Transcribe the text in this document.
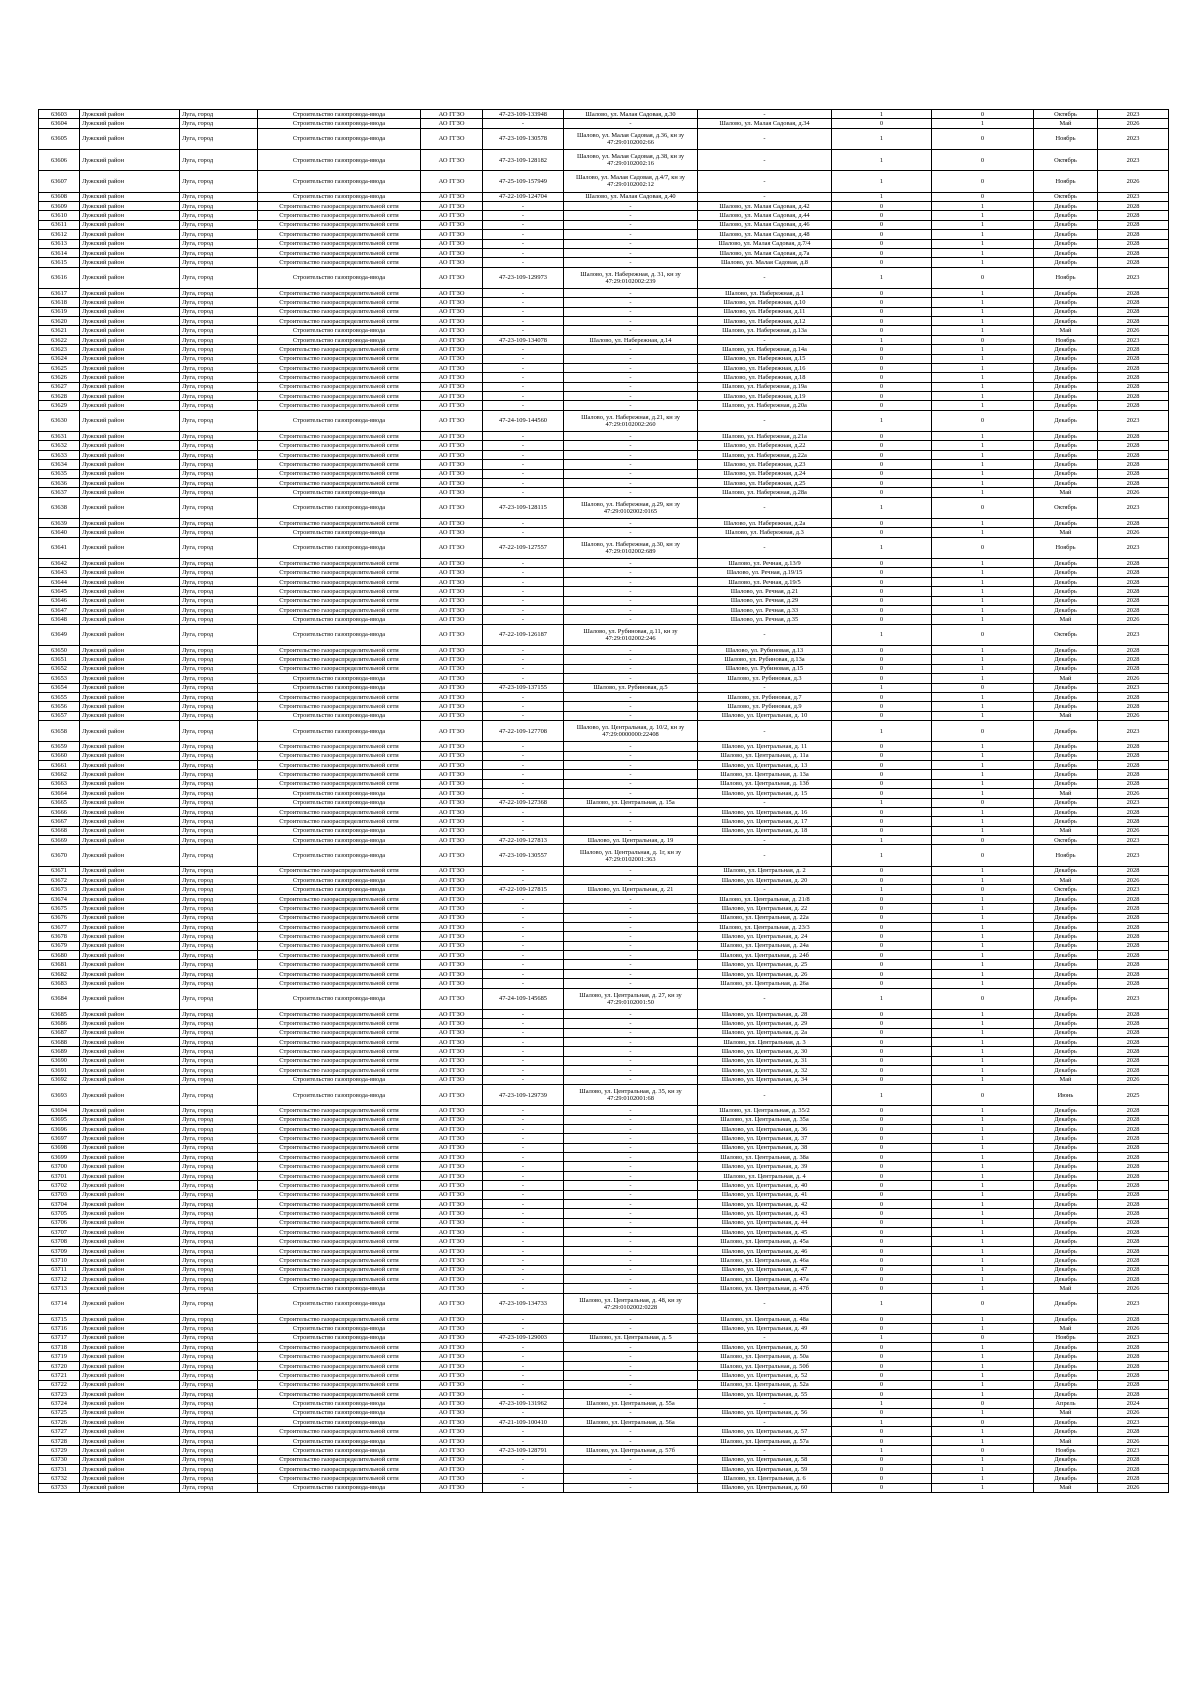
63603	Лужский район	Луга, город	Строительство газопровода-ввода	АО ГГЗО	47-23-109-133948	Шалово, ул. Малая Садовая, д.30	-	1	0	Октябрь	2023
63604	Лужский район	Луга, город	Строительство газопровода-ввода	АО ГГЗО	-	-	Шалово, ул. Малая Садовая, д.34	0	1	Май	2026
63605	Лужский район	Луга, город	Строительство газопровода-ввода	АО ГГЗО	47-23-109-130578	Шалово, ул. Малая Садовая, д.36, кн зу 47:29:0102002:66	-	1	0	Ноябрь	2023
63606	Лужский район	Луга, город	Строительство газопровода-ввода	АО ГГЗО	47-23-109-128182	Шалово, ул. Малая Садовая, д.38, кн зу 47:29:0102002:16	-	1	0	Октябрь	2023
63607	Лужский район	Луга, город	Строительство газопровода-ввода	АО ГГЗО	47-25-109-157949	Шалово, ул. Малая Садовая, д.4/7, кн зу 47:29:0102002:12	-	1	0	Ноябрь	2026
63608	Лужский район	Луга, город	Строительство газопровода-ввода	АО ГГЗО	47-22-109-124704	Шалово, ул. Малая Садовая, д.40	-	1	0	Октябрь	2023
63609	Лужский район	Луга, город	Строительство газораспределительной сети	АО ГГЗО	-	-	Шалово, ул. Малая Садовая, д.42	0	1	Декабрь	2028
63610	Лужский район	Луга, город	Строительство газораспределительной сети	АО ГГЗО	-	-	Шалово, ул. Малая Садовая, д.44	0	1	Декабрь	2028
63611	Лужский район	Луга, город	Строительство газораспределительной сети	АО ГГЗО	-	-	Шалово, ул. Малая Садовая, д.46	0	1	Декабрь	2028
63612	Лужский район	Луга, город	Строительство газораспределительной сети	АО ГГЗО	-	-	Шалово, ул. Малая Садовая, д.48	0	1	Декабрь	2028
63613	Лужский район	Луга, город	Строительство газораспределительной сети	АО ГГЗО	-	-	Шалово, ул. Малая Садовая, д.7/4	0	1	Декабрь	2028
63614	Лужский район	Луга, город	Строительство газораспределительной сети	АО ГГЗО	-	-	Шалово, ул. Малая Садовая, д.7а	0	1	Декабрь	2028
63615	Лужский район	Луга, город	Строительство газораспределительной сети	АО ГГЗО	-	-	Шалово, ул. Малая Садовая, д.8	0	1	Декабрь	2028
63616	Лужский район	Луга, город	Строительство газопровода-ввода	АО ГГЗО	47-23-109-129973	Шалово, ул. Набережная, д. 31, кн зу 47:29:0102002:239	-	1	0	Ноябрь	2023
63617	Лужский район	Луга, город	Строительство газораспределительной сети	АО ГГЗО	-	-	Шалово, ул. Набережная, д.1	0	1	Декабрь	2028
63618	Лужский район	Луга, город	Строительство газораспределительной сети	АО ГГЗО	-	-	Шалово, ул. Набережная, д.10	0	1	Декабрь	2028
63619	Лужский район	Луга, город	Строительство газораспределительной сети	АО ГГЗО	-	-	Шалово, ул. Набережная, д.11	0	1	Декабрь	2028
63620	Лужский район	Луга, город	Строительство газораспределительной сети	АО ГГЗО	-	-	Шалово, ул. Набережная, д.12	0	1	Декабрь	2028
63621	Лужский район	Луга, город	Строительство газопровода-ввода	АО ГГЗО	-	-	Шалово, ул. Набережная, д.13а	0	1	Май	2026
63622	Лужский район	Луга, город	Строительство газопровода-ввода	АО ГГЗО	47-23-109-134078	Шалово, ул. Набережная, д.14	-	1	0	Ноябрь	2023
63623	Лужский район	Луга, город	Строительство газораспределительной сети	АО ГГЗО	-	-	Шалово, ул. Набережная, д.14а	0	1	Декабрь	2028
63624	Лужский район	Луга, город	Строительство газораспределительной сети	АО ГГЗО	-	-	Шалово, ул. Набережная, д.15	0	1	Декабрь	2028
63625	Лужский район	Луга, город	Строительство газораспределительной сети	АО ГГЗО	-	-	Шалово, ул. Набережная, д.16	0	1	Декабрь	2028
63626	Лужский район	Луга, город	Строительство газораспределительной сети	АО ГГЗО	-	-	Шалово, ул. Набережная, д.18	0	1	Декабрь	2028
63627	Лужский район	Луга, город	Строительство газораспределительной сети	АО ГГЗО	-	-	Шалово, ул. Набережная, д.19а	0	1	Декабрь	2028
63628	Лужский район	Луга, город	Строительство газораспределительной сети	АО ГГЗО	-	-	Шалово, ул. Набережная, д.19	0	1	Декабрь	2028
63629	Лужский район	Луга, город	Строительство газораспределительной сети	АО ГГЗО	-	-	Шалово, ул. Набережная, д.20а	0	1	Декабрь	2028
63630	Лужский район	Луга, город	Строительство газопровода-ввода	АО ГГЗО	47-24-109-144560	Шалово, ул. Набережная, д.21, кн зу 47:29:0102002:260	-	1	0	Декабрь	2023
63631	Лужский район	Луга, город	Строительство газораспределительной сети	АО ГГЗО	-	-	Шалово, ул. Набережная, д.21а	0	1	Декабрь	2028
63632	Лужский район	Луга, город	Строительство газораспределительной сети	АО ГГЗО	-	-	Шалово, ул. Набережная, д.22	0	1	Декабрь	2028
63633	Лужский район	Луга, город	Строительство газораспределительной сети	АО ГГЗО	-	-	Шалово, ул. Набережная, д.22а	0	1	Декабрь	2028
63634	Лужский район	Луга, город	Строительство газораспределительной сети	АО ГГЗО	-	-	Шалово, ул. Набережная, д.23	0	1	Декабрь	2028
63635	Лужский район	Луга, город	Строительство газораспределительной сети	АО ГГЗО	-	-	Шалово, ул. Набережная, д.24	0	1	Декабрь	2028
63636	Лужский район	Луга, город	Строительство газораспределительной сети	АО ГГЗО	-	-	Шалово, ул. Набережная, д.25	0	1	Декабрь	2028
63637	Лужский район	Луга, город	Строительство газопровода-ввода	АО ГГЗО	-	-	Шалово, ул. Набережная, д.28а	0	1	Май	2026
63638	Лужский район	Луга, город	Строительство газопровода-ввода	АО ГГЗО	47-23-109-128115	Шалово, ул. Набережная, д.29, кн зу 47:29:0102002:0165	-	1	0	Октябрь	2023
63639	Лужский район	Луга, город	Строительство газораспределительной сети	АО ГГЗО	-	-	Шалово, ул. Набережная, д.2а	0	1	Декабрь	2028
63640	Лужский район	Луга, город	Строительство газопровода-ввода	АО ГГЗО	-	-	Шалово, ул. Набережная, д.3	0	1	Май	2026
63641	Лужский район	Луга, город	Строительство газопровода-ввода	АО ГГЗО	47-22-109-127557	Шалово, ул. Набережная, д.30, кн зу 47:29:0102002:689	-	1	0	Ноябрь	2023
63642	Лужский район	Луга, город	Строительство газораспределительной сети	АО ГГЗО	-	-	Шалово, ул. Речная, д.13/9	0	1	Декабрь	2028
63643	Лужский район	Луга, город	Строительство газораспределительной сети	АО ГГЗО	-	-	Шалово, ул. Речная, д.19/15	0	1	Декабрь	2028
63644	Лужский район	Луга, город	Строительство газораспределительной сети	АО ГГЗО	-	-	Шалово, ул. Речная, д.19/5	0	1	Декабрь	2028
63645	Лужский район	Луга, город	Строительство газораспределительной сети	АО ГГЗО	-	-	Шалово, ул. Речная, д.21	0	1	Декабрь	2028
63646	Лужский район	Луга, город	Строительство газораспределительной сети	АО ГГЗО	-	-	Шалово, ул. Речная, д.29	0	1	Декабрь	2028
63647	Лужский район	Луга, город	Строительство газораспределительной сети	АО ГГЗО	-	-	Шалово, ул. Речная, д.33	0	1	Декабрь	2028
63648	Лужский район	Луга, город	Строительство газопровода-ввода	АО ГГЗО	-	-	Шалово, ул. Речная, д.35	0	1	Май	2026
63649	Лужский район	Луга, город	Строительство газопровода-ввода	АО ГГЗО	47-22-109-126187	Шалово, ул. Рубиновая, д.11, кн зу 47:29:0102002:246	-	1	0	Октябрь	2023
63650	Лужский район	Луга, город	Строительство газораспределительной сети	АО ГГЗО	-	-	Шалово, ул. Рубиновая, д.13	0	1	Декабрь	2028
63651	Лужский район	Луга, город	Строительство газораспределительной сети	АО ГГЗО	-	-	Шалово, ул. Рубиновая, д.13а	0	1	Декабрь	2028
63652	Лужский район	Луга, город	Строительство газораспределительной сети	АО ГГЗО	-	-	Шалово, ул. Рубиновая, д.15	0	1	Декабрь	2028
63653	Лужский район	Луга, город	Строительство газопровода-ввода	АО ГГЗО	-	-	Шалово, ул. Рубиновая, д.3	0	1	Май	2026
63654	Лужский район	Луга, город	Строительство газопровода-ввода	АО ГГЗО	47-23-109-137155	Шалово, ул. Рубиновая, д.5	-	1	0	Декабрь	2023
63655	Лужский район	Луга, город	Строительство газораспределительной сети	АО ГГЗО	-	-	Шалово, ул. Рубиновая, д.7	0	1	Декабрь	2028
63656	Лужский район	Луга, город	Строительство газораспределительной сети	АО ГГЗО	-	-	Шалово, ул. Рубиновая, д.9	0	1	Декабрь	2028
63657	Лужский район	Луга, город	Строительство газопровода-ввода	АО ГГЗО	-	-	Шалово, ул. Центральная, д. 10	0	1	Май	2026
63658	Лужский район	Луга, город	Строительство газопровода-ввода	АО ГГЗО	47-22-109-127708	Шалово, ул. Центральная, д. 10/2, кн зу 47:29:0000000:22408	-	1	0	Декабрь	2023
63659	Лужский район	Луга, город	Строительство газораспределительной сети	АО ГГЗО	-	-	Шалово, ул. Центральная, д. 11	0	1	Декабрь	2028
63660	Лужский район	Луга, город	Строительство газораспределительной сети	АО ГГЗО	-	-	Шалово, ул. Центральная, д. 11а	0	1	Декабрь	2028
63661	Лужский район	Луга, город	Строительство газораспределительной сети	АО ГГЗО	-	-	Шалово, ул. Центральная, д. 13	0	1	Декабрь	2028
63662	Лужский район	Луга, город	Строительство газораспределительной сети	АО ГГЗО	-	-	Шалово, ул. Центральная, д. 13а	0	1	Декабрь	2028
63663	Лужский район	Луга, город	Строительство газораспределительной сети	АО ГГЗО	-	-	Шалово, ул. Центральная, д. 13б	0	1	Декабрь	2028
63664	Лужский район	Луга, город	Строительство газопровода-ввода	АО ГГЗО	-	-	Шалово, ул. Центральная, д. 15	0	1	Май	2026
63665	Лужский район	Луга, город	Строительство газопровода-ввода	АО ГГЗО	47-22-109-127368	Шалово, ул. Центральная, д. 15а	-	1	0	Декабрь	2023
63666	Лужский район	Луга, город	Строительство газораспределительной сети	АО ГГЗО	-	-	Шалово, ул. Центральная, д. 16	0	1	Декабрь	2028
63667	Лужский район	Луга, город	Строительство газораспределительной сети	АО ГГЗО	-	-	Шалово, ул. Центральная, д. 17	0	1	Декабрь	2028
63668	Лужский район	Луга, город	Строительство газопровода-ввода	АО ГГЗО	-	-	Шалово, ул. Центральная, д. 18	0	1	Май	2026
63669	Лужский район	Луга, город	Строительство газопровода-ввода	АО ГГЗО	47-22-109-127813	Шалово, ул. Центральная, д. 19	-	1	0	Октябрь	2023
63670	Лужский район	Луга, город	Строительство газопровода-ввода	АО ГГЗО	47-23-109-130557	Шалово, ул. Центральная, д. 1г, кн зу 47:29:0102001:363	-	1	0	Ноябрь	2023
63671	Лужский район	Луга, город	Строительство газораспределительной сети	АО ГГЗО	-	-	Шалово, ул. Центральная, д. 2	0	1	Декабрь	2028
63672	Лужский район	Луга, город	Строительство газопровода-ввода	АО ГГЗО	-	-	Шалово, ул. Центральная, д. 20	0	1	Май	2026
63673	Лужский район	Луга, город	Строительство газопровода-ввода	АО ГГЗО	47-22-109-127815	Шалово, ул. Центральная, д. 21	-	1	0	Октябрь	2023
63674	Лужский район	Луга, город	Строительство газораспределительной сети	АО ГГЗО	-	-	Шалово, ул. Центральная, д. 21/8	0	1	Декабрь	2028
63675	Лужский район	Луга, город	Строительство газораспределительной сети	АО ГГЗО	-	-	Шалово, ул. Центральная, д. 22	0	1	Декабрь	2028
63676	Лужский район	Луга, город	Строительство газораспределительной сети	АО ГГЗО	-	-	Шалово, ул. Центральная, д. 22а	0	1	Декабрь	2028
63677	Лужский район	Луга, город	Строительство газораспределительной сети	АО ГГЗО	-	-	Шалово, ул. Центральная, д. 23/3	0	1	Декабрь	2028
63678	Лужский район	Луга, город	Строительство газораспределительной сети	АО ГГЗО	-	-	Шалово, ул. Центральная, д. 24	0	1	Декабрь	2028
63679	Лужский район	Луга, город	Строительство газораспределительной сети	АО ГГЗО	-	-	Шалово, ул. Центральная, д. 24а	0	1	Декабрь	2028
63680	Лужский район	Луга, город	Строительство газораспределительной сети	АО ГГЗО	-	-	Шалово, ул. Центральная, д. 24б	0	1	Декабрь	2028
63681	Лужский район	Луга, город	Строительство газораспределительной сети	АО ГГЗО	-	-	Шалово, ул. Центральная, д. 25	0	1	Декабрь	2028
63682	Лужский район	Луга, город	Строительство газораспределительной сети	АО ГГЗО	-	-	Шалово, ул. Центральная, д. 26	0	1	Декабрь	2028
63683	Лужский район	Луга, город	Строительство газораспределительной сети	АО ГГЗО	-	-	Шалово, ул. Центральная, д. 26а	0	1	Декабрь	2028
63684	Лужский район	Луга, город	Строительство газопровода-ввода	АО ГГЗО	47-24-109-145685	Шалово, ул. Центральная, д. 27, кн зу 47:29:0102001:50	-	1	0	Декабрь	2023
63685	Лужский район	Луга, город	Строительство газораспределительной сети	АО ГГЗО	-	-	Шалово, ул. Центральная, д. 28	0	1	Декабрь	2028
63686	Лужский район	Луга, город	Строительство газораспределительной сети	АО ГГЗО	-	-	Шалово, ул. Центральная, д. 29	0	1	Декабрь	2028
63687	Лужский район	Луга, город	Строительство газораспределительной сети	АО ГГЗО	-	-	Шалово, ул. Центральная, д. 2а	0	1	Декабрь	2028
63688	Лужский район	Луга, город	Строительство газораспределительной сети	АО ГГЗО	-	-	Шалово, ул. Центральная, д. 3	0	1	Декабрь	2028
63689	Лужский район	Луга, город	Строительство газораспределительной сети	АО ГГЗО	-	-	Шалово, ул. Центральная, д. 30	0	1	Декабрь	2028
63690	Лужский район	Луга, город	Строительство газораспределительной сети	АО ГГЗО	-	-	Шалово, ул. Центральная, д. 31	0	1	Декабрь	2028
63691	Лужский район	Луга, город	Строительство газораспределительной сети	АО ГГЗО	-	-	Шалово, ул. Центральная, д. 32	0	1	Декабрь	2028
63692	Лужский район	Луга, город	Строительство газопровода-ввода	АО ГГЗО	-	-	Шалово, ул. Центральная, д. 34	0	1	Май	2026
63693	Лужский район	Луга, город	Строительство газопровода-ввода	АО ГГЗО	47-23-109-129739	Шалово, ул. Центральная, д. 35, кн зу 47:29:0102001:68	-	1	0	Июнь	2025
63694	Лужский район	Луга, город	Строительство газораспределительной сети	АО ГГЗО	-	-	Шалово, ул. Центральная, д. 35/2	0	1	Декабрь	2028
63695	Лужский район	Луга, город	Строительство газораспределительной сети	АО ГГЗО	-	-	Шалово, ул. Центральная, д. 35а	0	1	Декабрь	2028
63696	Лужский район	Луга, город	Строительство газораспределительной сети	АО ГГЗО	-	-	Шалово, ул. Центральная, д. 36	0	1	Декабрь	2028
63697	Лужский район	Луга, город	Строительство газораспределительной сети	АО ГГЗО	-	-	Шалово, ул. Центральная, д. 37	0	1	Декабрь	2028
63698	Лужский район	Луга, город	Строительство газораспределительной сети	АО ГГЗО	-	-	Шалово, ул. Центральная, д. 38	0	1	Декабрь	2028
63699	Лужский район	Луга, город	Строительство газораспределительной сети	АО ГГЗО	-	-	Шалово, ул. Центральная, д. 38а	0	1	Декабрь	2028
63700	Лужский район	Луга, город	Строительство газораспределительной сети	АО ГГЗО	-	-	Шалово, ул. Центральная, д. 39	0	1	Декабрь	2028
63701	Лужский район	Луга, город	Строительство газораспределительной сети	АО ГГЗО	-	-	Шалово, ул. Центральная, д. 4	0	1	Декабрь	2028
63702	Лужский район	Луга, город	Строительство газораспределительной сети	АО ГГЗО	-	-	Шалово, ул. Центральная, д. 40	0	1	Декабрь	2028
63703	Лужский район	Луга, город	Строительство газораспределительной сети	АО ГГЗО	-	-	Шалово, ул. Центральная, д. 41	0	1	Декабрь	2028
63704	Лужский район	Луга, город	Строительство газораспределительной сети	АО ГГЗО	-	-	Шалово, ул. Центральная, д. 42	0	1	Декабрь	2028
63705	Лужский район	Луга, город	Строительство газораспределительной сети	АО ГГЗО	-	-	Шалово, ул. Центральная, д. 43	0	1	Декабрь	2028
63706	Лужский район	Луга, город	Строительство газораспределительной сети	АО ГГЗО	-	-	Шалово, ул. Центральная, д. 44	0	1	Декабрь	2028
63707	Лужский район	Луга, город	Строительство газораспределительной сети	АО ГГЗО	-	-	Шалово, ул. Центральная, д. 45	0	1	Декабрь	2028
63708	Лужский район	Луга, город	Строительство газораспределительной сети	АО ГГЗО	-	-	Шалово, ул. Центральная, д. 45а	0	1	Декабрь	2028
63709	Лужский район	Луга, город	Строительство газораспределительной сети	АО ГГЗО	-	-	Шалово, ул. Центральная, д. 46	0	1	Декабрь	2028
63710	Лужский район	Луга, город	Строительство газораспределительной сети	АО ГГЗО	-	-	Шалово, ул. Центральная, д. 46а	0	1	Декабрь	2028
63711	Лужский район	Луга, город	Строительство газораспределительной сети	АО ГГЗО	-	-	Шалово, ул. Центральная, д. 47	0	1	Декабрь	2028
63712	Лужский район	Луга, город	Строительство газораспределительной сети	АО ГГЗО	-	-	Шалово, ул. Центральная, д. 47а	0	1	Декабрь	2028
63713	Лужский район	Луга, город	Строительство газопровода-ввода	АО ГГЗО	-	-	Шалово, ул. Центральная, д. 47б	0	1	Май	2026
63714	Лужский район	Луга, город	Строительство газопровода-ввода	АО ГГЗО	47-23-109-134733	Шалово, ул. Центральная, д. 48, кн зу 47:29:0102002:0228	-	1	0	Декабрь	2023
63715	Лужский район	Луга, город	Строительство газораспределительной сети	АО ГГЗО	-	-	Шалово, ул. Центральная, д. 48а	0	1	Декабрь	2028
63716	Лужский район	Луга, город	Строительство газопровода-ввода	АО ГГЗО	-	-	Шалово, ул. Центральная, д. 49	0	1	Май	2026
63717	Лужский район	Луга, город	Строительство газопровода-ввода	АО ГГЗО	47-23-109-129003	Шалово, ул. Центральная, д. 5	-	1	0	Ноябрь	2023
63718	Лужский район	Луга, город	Строительство газораспределительной сети	АО ГГЗО	-	-	Шалово, ул. Центральная, д. 50	0	1	Декабрь	2028
63719	Лужский район	Луга, город	Строительство газораспределительной сети	АО ГГЗО	-	-	Шалово, ул. Центральная, д. 50а	0	1	Декабрь	2028
63720	Лужский район	Луга, город	Строительство газораспределительной сети	АО ГГЗО	-	-	Шалово, ул. Центральная, д. 50б	0	1	Декабрь	2028
63721	Лужский район	Луга, город	Строительство газораспределительной сети	АО ГГЗО	-	-	Шалово, ул. Центральная, д. 52	0	1	Декабрь	2028
63722	Лужский район	Луга, город	Строительство газораспределительной сети	АО ГГЗО	-	-	Шалово, ул. Центральная, д. 52а	0	1	Декабрь	2028
63723	Лужский район	Луга, город	Строительство газораспределительной сети	АО ГГЗО	-	-	Шалово, ул. Центральная, д. 55	0	1	Декабрь	2028
63724	Лужский район	Луга, город	Строительство газопровода-ввода	АО ГГЗО	47-23-109-131962	Шалово, ул. Центральная, д. 55а	-	1	0	Апрель	2024
63725	Лужский район	Луга, город	Строительство газопровода-ввода	АО ГГЗО	-	-	Шалово, ул. Центральная, д. 56	0	1	Май	2026
63726	Лужский район	Луга, город	Строительство газопровода-ввода	АО ГГЗО	47-21-109-100410	Шалово, ул. Центральная, д. 56а	-	1	0	Декабрь	2023
63727	Лужский район	Луга, город	Строительство газораспределительной сети	АО ГГЗО	-	-	Шалово, ул. Центральная, д. 57	0	1	Декабрь	2028
63728	Лужский район	Луга, город	Строительство газопровода-ввода	АО ГГЗО	-	-	Шалово, ул. Центральная, д. 57а	0	1	Май	2026
63729	Лужский район	Луга, город	Строительство газопровода-ввода	АО ГГЗО	47-23-109-128791	Шалово, ул. Центральная, д. 57б	-	1	0	Ноябрь	2023
63730	Лужский район	Луга, город	Строительство газораспределительной сети	АО ГГЗО	-	-	Шалово, ул. Центральная, д. 58	0	1	Декабрь	2028
63731	Лужский район	Луга, город	Строительство газораспределительной сети	АО ГГЗО	-	-	Шалово, ул. Центральная, д. 59	0	1	Декабрь	2028
63732	Лужский район	Луга, город	Строительство газораспределительной сети	АО ГГЗО	-	-	Шалово, ул. Центральная, д. 6	0	1	Декабрь	2028
63733	Лужский район	Луга, город	Строительство газопровода-ввода	АО ГГЗО	-	-	Шалово, ул. Центральная, д. 60	0	1	Май	2026
